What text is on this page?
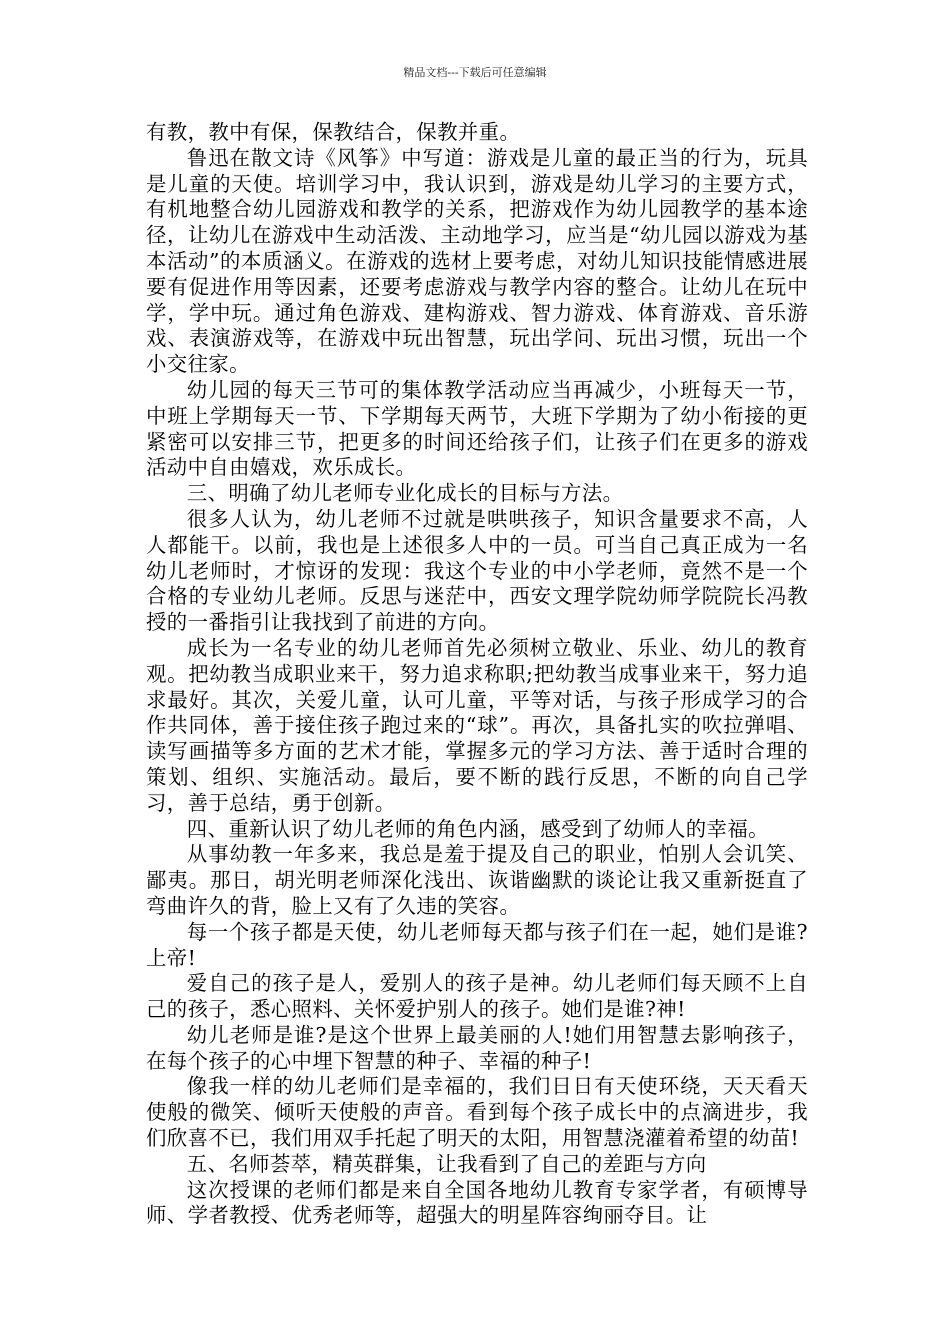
精品文档---下载后可任意编辑

有教，教中有保，保教结合，保教并重。

鲁迅在散文诗《风筝》中写道：游戏是儿童的最正当的行为，玩具是儿童的天使。培训学习中，我认识到，游戏是幼儿学习的主要方式，有机地整合幼儿园游戏和教学的关系，把游戏作为幼儿园教学的基本途径，让幼儿在游戏中生动活泼、主动地学习，应当是“幼儿园以游戏为基本活动”的本质涵义。在游戏的选材上要考虑，对幼儿知识技能情感进展要有促进作用等因素，还要考虑游戏与教学内容的整合。让幼儿在玩中学，学中玩。通过角色游戏、建构游戏、智力游戏、体育游戏、音乐游戏、表演游戏等，在游戏中玩出智慧，玩出学问、玩出习惯，玩出一个小交往家。

幼儿园的每天三节可的集体教学活动应当再减少，小班每天一节，中班上学期每天一节、下学期每天两节，大班下学期为了幼小衔接的更紧密可以安排三节，把更多的时间还给孩子们，让孩子们在更多的游戏活动中自由嬉戏，欢乐成长。

三、明确了幼儿老师专业化成长的目标与方法。

很多人认为，幼儿老师不过就是哄哄孩子，知识含量要求不高，人人都能干。以前，我也是上述很多人中的一员。可当自己真正成为一名幼儿老师时，才惊讶的发现：我这个专业的中小学老师，竟然不是一个合格的专业幼儿老师。反思与迷茫中，西安文理学院幼师学院院长冯教授的一番指引让我找到了前进的方向。

成长为一名专业的幼儿老师首先必须树立敬业、乐业、幼儿的教育观。把幼教当成职业来干，努力追求称职;把幼教当成事业来干，努力追求最好。其次，关爱儿童，认可儿童，平等对话，与孩子形成学习的合作共同体，善于接住孩子跑过来的“球”。再次，具备扎实的吹拉弹唱、读写画描等多方面的艺术才能，掌握多元的学习方法、善于适时合理的策划、组织、实施活动。最后，要不断的践行反思，不断的向自己学习，善于总结，勇于创新。

四、重新认识了幼儿老师的角色内涵，感受到了幼师人的幸福。

从事幼教一年多来，我总是羞于提及自己的职业，怕别人会讥笑、鄙夷。那日，胡光明老师深化浅出、诙谐幽默的谈论让我又重新挺直了弯曲许久的背，脸上又有了久违的笑容。

每一个孩子都是天使，幼儿老师每天都与孩子们在一起，她们是谁?上帝!

爱自己的孩子是人，爱别人的孩子是神。幼儿老师们每天顾不上自己的孩子，悉心照料、关怀爱护别人的孩子。她们是谁?神!

幼儿老师是谁?是这个世界上最美丽的人!她们用智慧去影响孩子，在每个孩子的心中埋下智慧的种子、幸福的种子!

像我一样的幼儿老师们是幸福的，我们日日有天使环绕，天天看天使般的微笑、倾听天使般的声音。看到每个孩子成长中的点滴进步，我们欣喜不已，我们用双手托起了明天的太阳，用智慧浇灌着希望的幼苗!

五、名师荟萃，精英群集，让我看到了自己的差距与方向

这次授课的老师们都是来自全国各地幼儿教育专家学者，有硕博导师、学者教授、优秀老师等，超强大的明星阵容绚丽夺目。让
